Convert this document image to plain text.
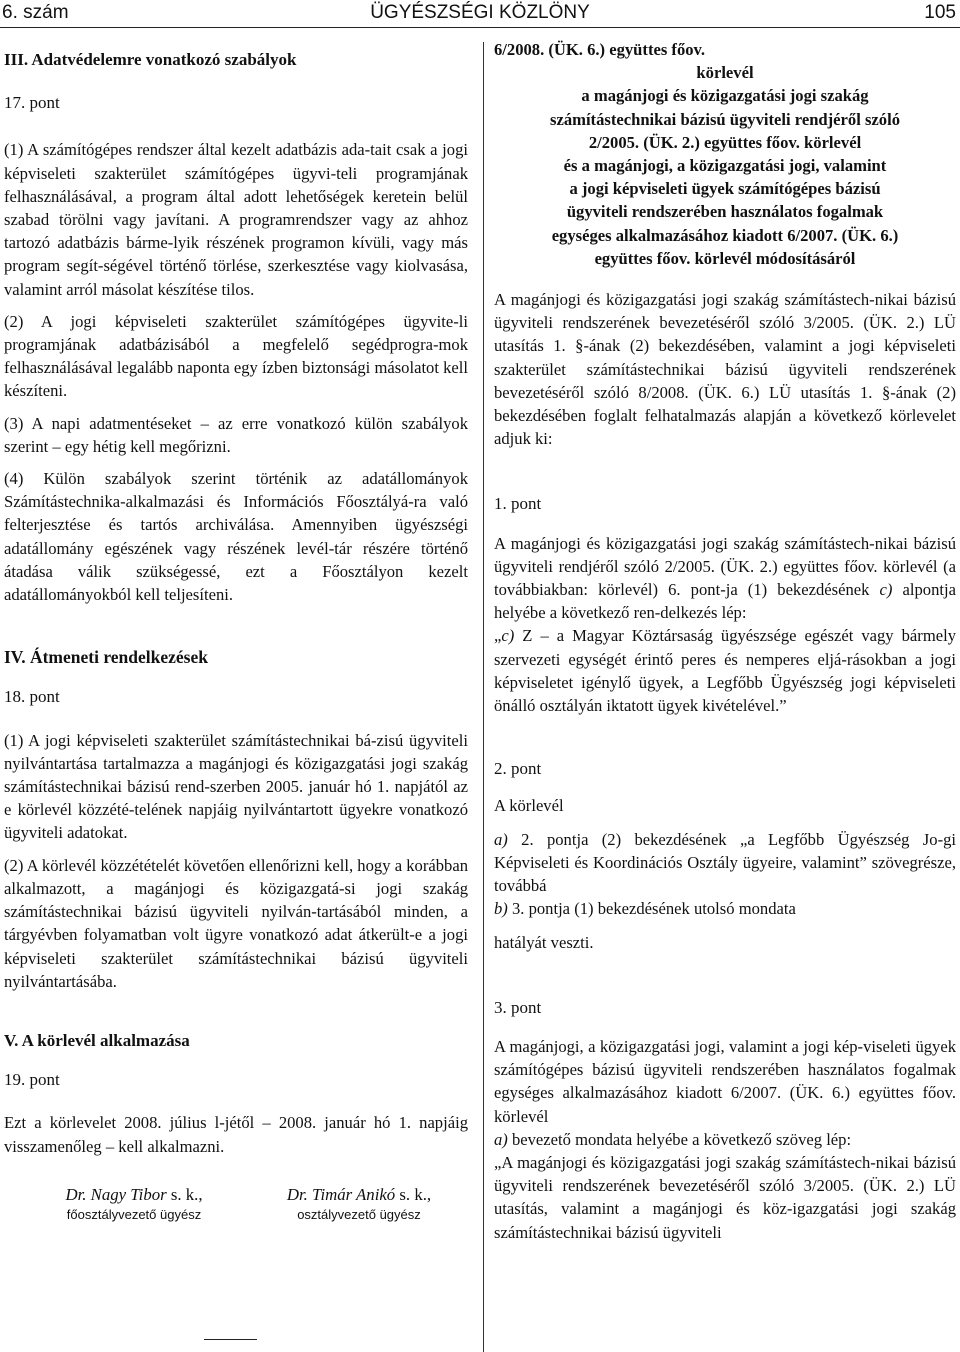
6. szám	ÜGYÉSZSÉGI KÖZLÖNY	105

III. Adatvédelemre vonatkozó szabályok

17. pont

(1) A számítógépes rendszer által kezelt adatbázis ada-tait csak a jogi képviseleti szakterület számítógépes ügyvi-teli programjának felhasználásával, a program által adott lehetőségek keretein belül szabad törölni vagy javítani. A programrendszer vagy az ahhoz tartozó adatbázis bárme-lyik részének programon kívüli, vagy más program segít-ségével történő törlése, szerkesztése vagy kiolvasása, valamint arról másolat készítése tilos.

(2) A jogi képviseleti szakterület számítógépes ügyvite-li programjának adatbázisából a megfelelő segédprogra-mok felhasználásával legalább naponta egy ízben biztonsági másolatot kell készíteni.

(3) A napi adatmentéseket – az erre vonatkozó külön szabályok szerint – egy hétig kell megőrizni.

(4) Külön szabályok szerint történik az adatállományok Számítástechnika-alkalmazási és Információs Főosztályá-ra való felterjesztése és tartós archiválása. Amennyiben ügyészségi adatállomány egészének vagy részének levél-tár részére történő átadása válik szükségessé, ezt a Főosztályon kezelt adatállományokból kell teljesíteni.

IV. Átmeneti rendelkezések

18. pont

(1) A jogi képviseleti szakterület számítástechnikai bá-zisú ügyviteli nyilvántartása tartalmazza a magánjogi és közigazgatási jogi szakág számítástechnikai bázisú rend-szerben 2005. január hó 1. napjától az e körlevél közzété-telének napjáig nyilvántartott ügyekre vonatkozó ügyviteli adatokat.

(2) A körlevél közzétételét követően ellenőrizni kell, hogy a korábban alkalmazott, a magánjogi és közigazgatá-si jogi szakág számítástechnikai bázisú ügyviteli nyilván-tartásából minden, a tárgyévben folyamatban volt ügyre vonatkozó adat átkerült-e a jogi képviseleti szakterület számítástechnikai bázisú ügyviteli nyilvántartásába.

V. A körlevél alkalmazása

19. pont

Ezt a körlevelet 2008. július l-jétől – 2008. január hó 1. napjáig visszamenőleg – kell alkalmazni.

Dr. Nagy Tibor s. k.,
főosztályvezető ügyész
Dr. Timár Anikó s. k.,
osztályvezető ügyész
6/2008. (ÜK. 6.) együttes főov.
körlevél
a magánjogi és közigazgatási jogi szakág
számítástechnikai bázisú ügyviteli rendjéről szóló
2/2005. (ÜK. 2.) együttes főov. körlevél
és a magánjogi, a közigazgatási jogi, valamint
a jogi képviseleti ügyek számítógépes bázisú
ügyviteli rendszerében használatos fogalmak
egységes alkalmazásához kiadott 6/2007. (ÜK. 6.)
együttes főov. körlevél módosításáról

A magánjogi és közigazgatási jogi szakág számítástech-nikai bázisú ügyviteli rendszerének bevezetéséről szóló 3/2005. (ÜK. 2.) LÜ utasítás 1. §-ának (2) bekezdésében, valamint a jogi képviseleti szakterület számítástechnikai bázisú ügyviteli rendszerének bevezetéséről szóló 8/2008. (ÜK. 6.) LÜ utasítás 1. §-ának (2) bekezdésében foglalt felhatalmazás alapján a következő körlevelet adjuk ki:

1. pont

A magánjogi és közigazgatási jogi szakág számítástech-nikai bázisú ügyviteli rendjéről szóló 2/2005. (ÜK. 2.) együttes főov. körlevél (a továbbiakban: körlevél) 6. pont-ja (1) bekezdésének c) alpontja helyébe a következő ren-delkezés lép:

„c) Z – a Magyar Köztársaság ügyészsége egészét vagy bármely szervezeti egységét érintő peres és nemperes eljá-rásokban a jogi képviseletet igénylő ügyek, a Legfőbb Ügyészség jogi képviseleti önálló osztályán iktatott ügyek kivételével.”

2. pont

A körlevél

a) 2. pontja (2) bekezdésének „a Legfőbb Ügyészség Jo-gi Képviseleti és Koordinációs Osztály ügyeire, valamint” szövegrésze, továbbá

b) 3. pontja (1) bekezdésének utolsó mondata

hatályát veszti.

3. pont

A magánjogi, a közigazgatási jogi, valamint a jogi kép-viseleti ügyek számítógépes bázisú ügyviteli rendszerében használatos fogalmak egységes alkalmazásához kiadott 6/2007. (ÜK. 6.) együttes főov. körlevél

a) bevezető mondata helyébe a következő szöveg lép:

„A magánjogi és közigazgatási jogi szakág számítástech-nikai bázisú ügyviteli rendszerének bevezetéséről szóló 3/2005. (ÜK. 2.) LÜ utasítás, valamint a magánjogi és köz-igazgatási jogi szakág számítástechnikai bázisú ügyviteli
